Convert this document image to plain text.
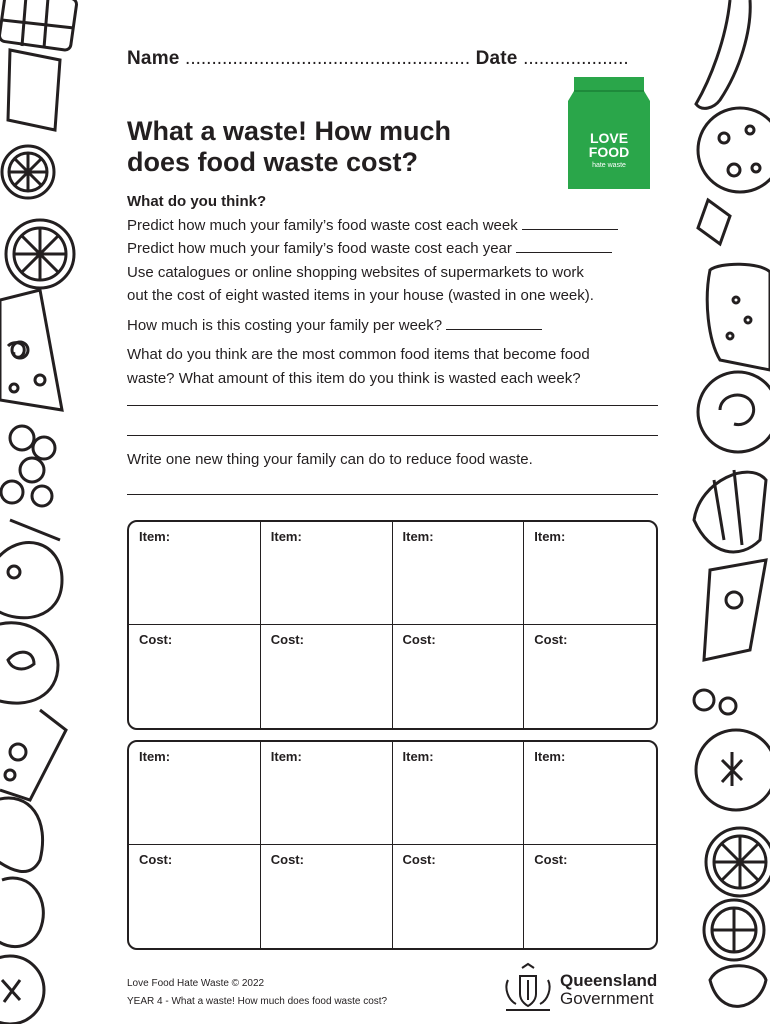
Name ...................................................... Date ....................
What a waste! How much
does food waste cost?
LOVE
FOOD
hate waste
What do you think?
Predict how much your family’s food waste cost each week
Predict how much your family’s food waste cost each year
Use catalogues or online shopping websites of supermarkets to work
out the cost of eight wasted items in your house (wasted in one week).
How much is this costing your family per week?
What do you think are the most common food items that become food
waste? What amount of this item do you think is wasted each week?
Write one new thing your family can do to reduce food waste.
Item:	Item:	Item:	Item:
Cost:	Cost:	Cost:	Cost:
Item:	Item:	Item:	Item:
Cost:	Cost:	Cost:	Cost:
Love Food Hate Waste © 2022
YEAR 4 - What a waste! How much does food waste cost?
Queensland
Government
